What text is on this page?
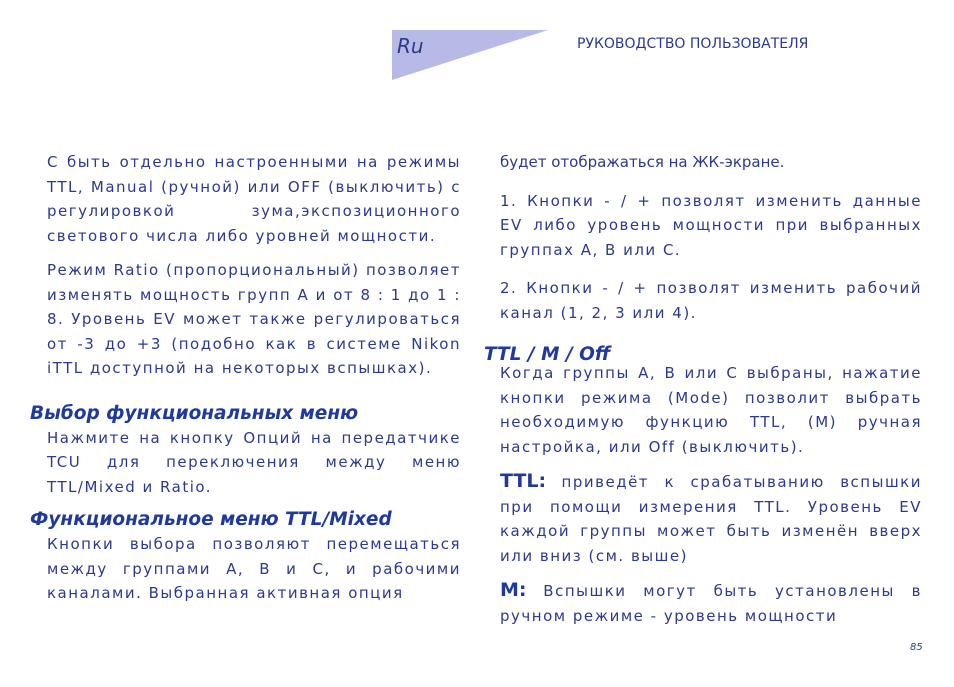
Ru	РУКОВОДСТВО ПОЛЬЗОВАТЕЛЯ

С быть отдельно настроенными на режимы TTL, Manual (ручной) или OFF (выключить) с регулировкой зума,экспозиционного светового числа либо уровней мощности.

Режим Ratio (пропорциональный) позволяет изменять мощность групп А и от 8 : 1 до 1 : 8. Уровень EV может также регулироваться от -3 до +3 (подобно как в системе Nikon iTTL доступной на некоторых вспышках).

Выбор функциональных меню

Нажмите на кнопку Опций на передатчике TCU для переключения между меню TTL/Mixed и Ratio.

Функциональное меню TTL/Mixed

Кнопки выбора позволяют перемещаться между группами А, В и С, и рабочими каналами. Выбранная активная опция

будет отображаться на ЖК-экране.

1. Кнопки - / + позволят изменить данные EV либо уровень мощности при выбранных группах А, В или С.

2. Кнопки - / + позволят изменить рабочий канал (1, 2, 3 или 4).

TTL / M / Off

Когда группы А, В или С выбраны, нажатие кнопки режима (Mode) позволит выбрать необходимую функцию TTL, (M) ручная настройка, или Off (выключить).

TTL: приведёт к срабатыванию вспышки при помощи измерения TTL. Уровень EV каждой группы может быть изменён вверх или вниз (см. выше)

M: Вспышки могут быть установлены в ручном режиме - уровень мощности

85
